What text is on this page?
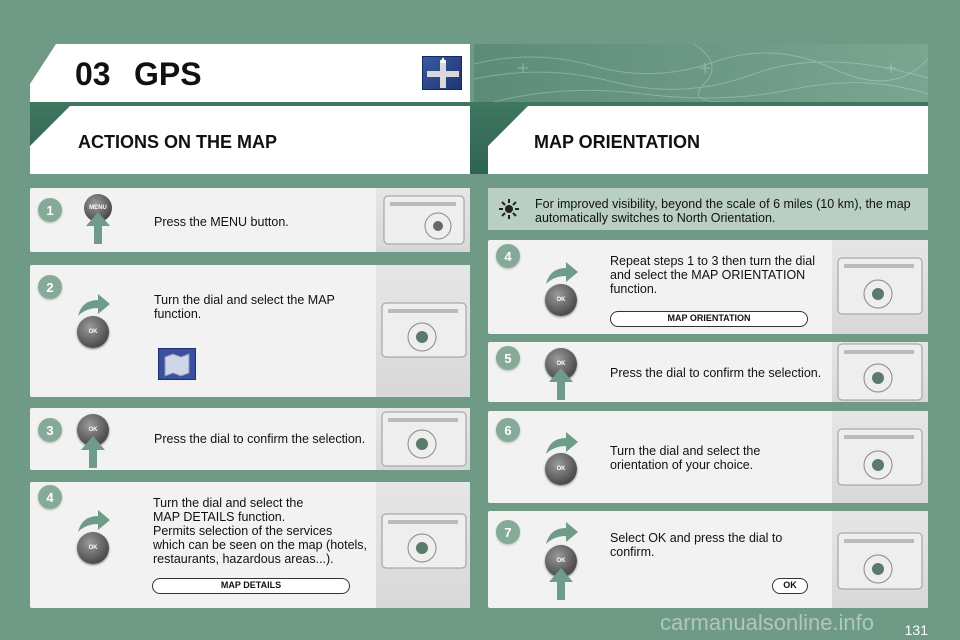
03 GPS
ACTIONS ON THE MAP	MAP ORIENTATION
1	MENU
Press the MENU button.
2
OK
Turn the dial and select the MAP function.
3	OK
Press the dial to confirm the selection.
4
OK
Turn the dial and select the
MAP DETAILS function.
Permits selection of the services
which can be seen on the map (hotels,
restaurants, hazardous areas...).
MAP DETAILS
For improved visibility, beyond the scale of 6 miles (10 km), the map automatically switches to North Orientation.
4
OK
Repeat steps 1 to 3 then turn the dial and select the MAP ORIENTATION function.
MAP ORIENTATION
5	OK
Press the dial to confirm the selection.
6
OK
Turn the dial and select the orientation of your choice.
7
OK
Select OK and press the dial to confirm.
OK
carmanualsonline.info 131
